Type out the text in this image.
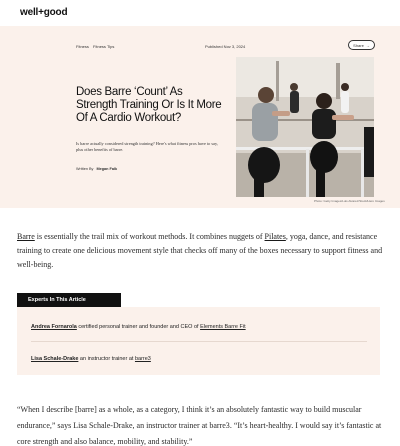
well+good
Fitness Fitness Tips	Published Nov 3, 2024	Share →
Does Barre ‘Count’ As Strength Training Or Is It More Of A Cardio Workout?
Is barre actually considered strength training? Here's what fitness pros have to say, plus other benefits of barre.
Written By Megan Falk
Photo: Getty Images/Luis Alvarez/Stock/Hero Images
Barre is essentially the trail mix of workout methods. It combines nuggets of Pilates, yoga, dance, and resistance training to create one delicious movement style that checks off many of the boxes necessary to support fitness and well-being.
Experts In This Article
Andrea Fornarola certified personal trainer and founder and CEO of Elements Barre Fit
Lisa Schale-Drake an instructor trainer at barre3
“When I describe [barre] as a whole, as a category, I think it’s an absolutely fantastic way to build muscular endurance,” says Lisa Schale-Drake, an instructor trainer at barre3. “It’s heart-healthy. I would say it’s fantastic at core strength and also balance, mobility, and stability.”
